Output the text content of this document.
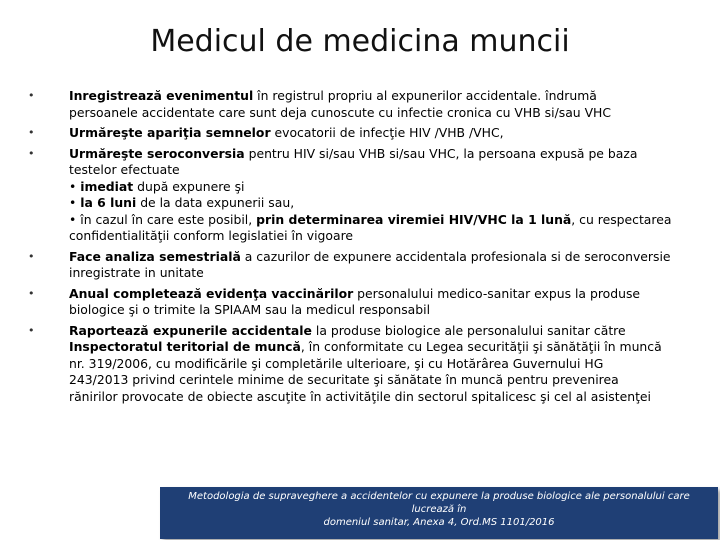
Medicul de medicina muncii
•	Inregistrează evenimentul în registrul propriu al expunerilor accidentale. îndrumă
persoanele accidentate care sunt deja cunoscute cu infectie cronica cu VHB si/sau VHC
•	Urmăreşte apariţia semnelor evocatorii de infecţie HIV /VHB /VHC,
•	Urmăreşte seroconversia pentru HIV si/sau VHB si/sau VHC, la persoana expusă pe baza
testelor efectuate
• imediat după expunere şi
• la 6 luni de la data expunerii sau,
• în cazul în care este posibil, prin determinarea viremiei HIV/VHC la 1 lună, cu respectarea
confidentialităţii conform legislatiei în vigoare
•	Face analiza semestrială a cazurilor de expunere accidentala profesionala si de seroconversie
inregistrate in unitate
•	Anual completează evidenţa vaccinărilor personalului medico-sanitar expus la produse
biologice şi o trimite la SPIAAM sau la medicul responsabil
•	Raportează expunerile accidentale la produse biologice ale personalului sanitar către
Inspectoratul teritorial de muncă, în conformitate cu Legea securităţii şi sănătăţii în muncă
nr. 319/2006, cu modificările şi completările ulterioare, şi cu Hotărârea Guvernului HG
243/2013 privind cerintele minime de securitate şi sănătate în muncă pentru prevenirea
rănirilor provocate de obiecte ascuţite în activităţile din sectorul spitalicesc şi cel al asistenţei
Metodologia de supraveghere a accidentelor cu expunere la produse biologice ale personalului care lucrează în
domeniul sanitar, Anexa 4, Ord.MS 1101/2016
